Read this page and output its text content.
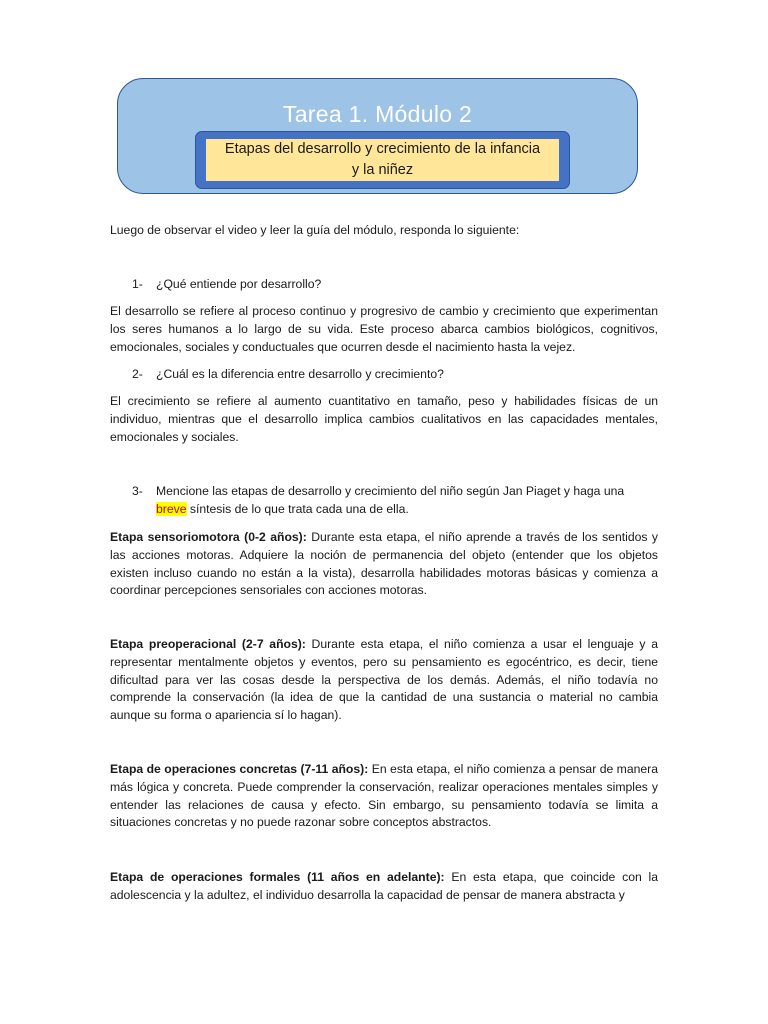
Tarea 1. Módulo 2
Etapas del desarrollo y crecimiento de la infancia y la niñez

Luego de observar el video y leer la guía del módulo, responda lo siguiente:

1- ¿Qué entiende por desarrollo?

El desarrollo se refiere al proceso continuo y progresivo de cambio y crecimiento que experimentan los seres humanos a lo largo de su vida. Este proceso abarca cambios biológicos, cognitivos, emocionales, sociales y conductuales que ocurren desde el nacimiento hasta la vejez.

2- ¿Cuál es la diferencia entre desarrollo y crecimiento?

El crecimiento se refiere al aumento cuantitativo en tamaño, peso y habilidades físicas de un individuo, mientras que el desarrollo implica cambios cualitativos en las capacidades mentales, emocionales y sociales.

3- Mencione las etapas de desarrollo y crecimiento del niño según Jan Piaget y haga una
breve síntesis de lo que trata cada una de ella.

Etapa sensoriomotora (0-2 años): Durante esta etapa, el niño aprende a través de los sentidos y las acciones motoras. Adquiere la noción de permanencia del objeto (entender que los objetos existen incluso cuando no están a la vista), desarrolla habilidades motoras básicas y comienza a coordinar percepciones sensoriales con acciones motoras.

Etapa preoperacional (2-7 años): Durante esta etapa, el niño comienza a usar el lenguaje y a representar mentalmente objetos y eventos, pero su pensamiento es egocéntrico, es decir, tiene dificultad para ver las cosas desde la perspectiva de los demás. Además, el niño todavía no comprende la conservación (la idea de que la cantidad de una sustancia o material no cambia aunque su forma o apariencia sí lo hagan).

Etapa de operaciones concretas (7-11 años): En esta etapa, el niño comienza a pensar de manera más lógica y concreta. Puede comprender la conservación, realizar operaciones mentales simples y entender las relaciones de causa y efecto. Sin embargo, su pensamiento todavía se limita a situaciones concretas y no puede razonar sobre conceptos abstractos.

Etapa de operaciones formales (11 años en adelante): En esta etapa, que coincide con la adolescencia y la adultez, el individuo desarrolla la capacidad de pensar de manera abstracta y
